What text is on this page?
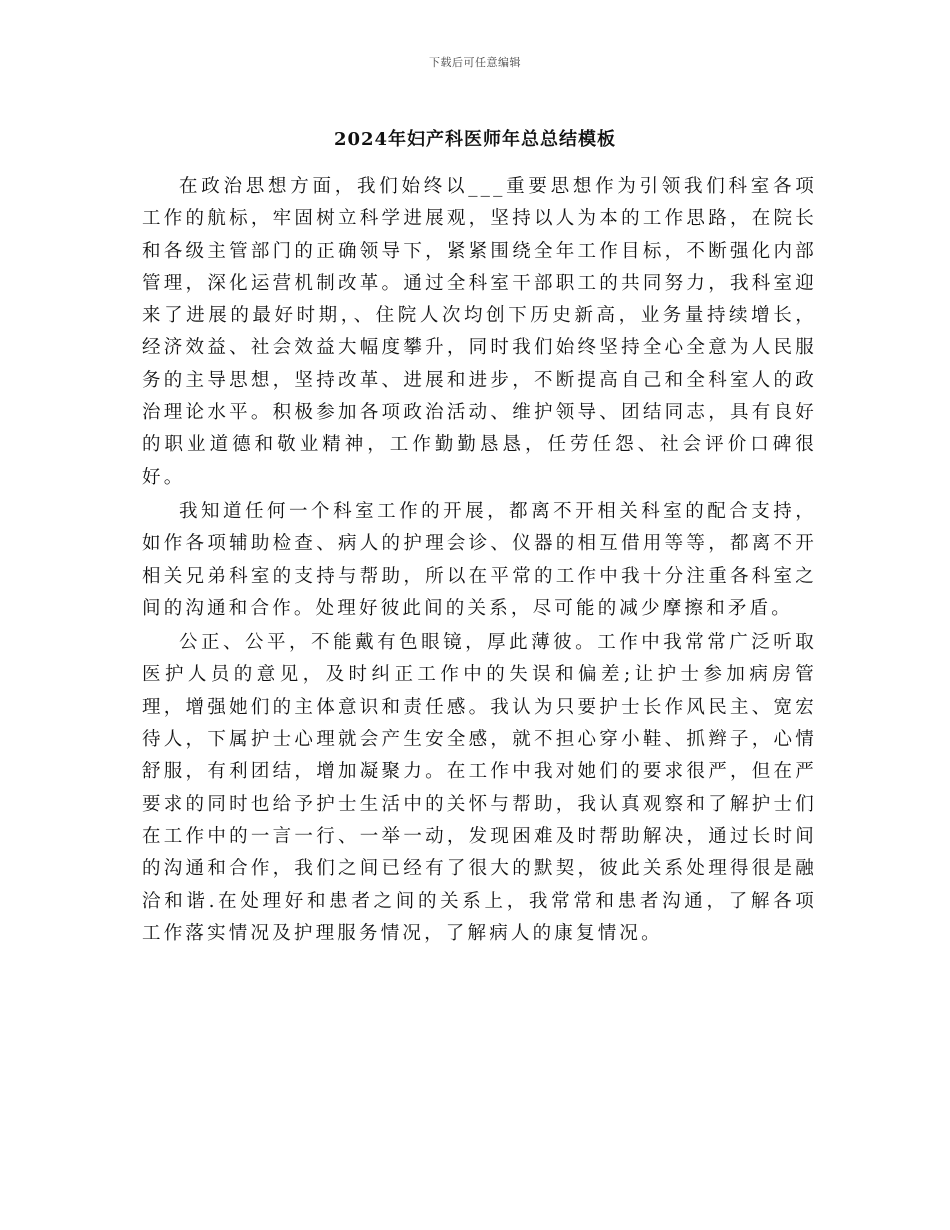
下载后可任意编辑
2024年妇产科医师年总总结模板

在政治思想方面，我们始终以___重要思想作为引领我们科室各项工作的航标，牢固树立科学进展观，坚持以人为本的工作思路，在院长和各级主管部门的正确领导下，紧紧围绕全年工作目标，不断强化内部管理，深化运营机制改革。通过全科室干部职工的共同努力，我科室迎来了进展的最好时期，、住院人次均创下历史新高，业务量持续增长，经济效益、社会效益大幅度攀升，同时我们始终坚持全心全意为人民服务的主导思想，坚持改革、进展和进步，不断提高自己和全科室人的政治理论水平。积极参加各项政治活动、维护领导、团结同志，具有良好的职业道德和敬业精神，工作勤勤恳恳，任劳任怨、社会评价口碑很好。

我知道任何一个科室工作的开展，都离不开相关科室的配合支持，如作各项辅助检查、病人的护理会诊、仪器的相互借用等等，都离不开相关兄弟科室的支持与帮助，所以在平常的工作中我十分注重各科室之间的沟通和合作。处理好彼此间的关系，尽可能的减少摩擦和矛盾。

公正、公平，不能戴有色眼镜，厚此薄彼。工作中我常常广泛听取医护人员的意见，及时纠正工作中的失误和偏差;让护士参加病房管理，增强她们的主体意识和责任感。我认为只要护士长作风民主、宽宏待人，下属护士心理就会产生安全感，就不担心穿小鞋、抓辫子，心情舒服，有利团结，增加凝聚力。在工作中我对她们的要求很严，但在严要求的同时也给予护士生活中的关怀与帮助，我认真观察和了解护士们在工作中的一言一行、一举一动，发现困难及时帮助解决，通过长时间的沟通和合作，我们之间已经有了很大的默契，彼此关系处理得很是融洽和谐.在处理好和患者之间的关系上，我常常和患者沟通，了解各项工作落实情况及护理服务情况，了解病人的康复情况。
